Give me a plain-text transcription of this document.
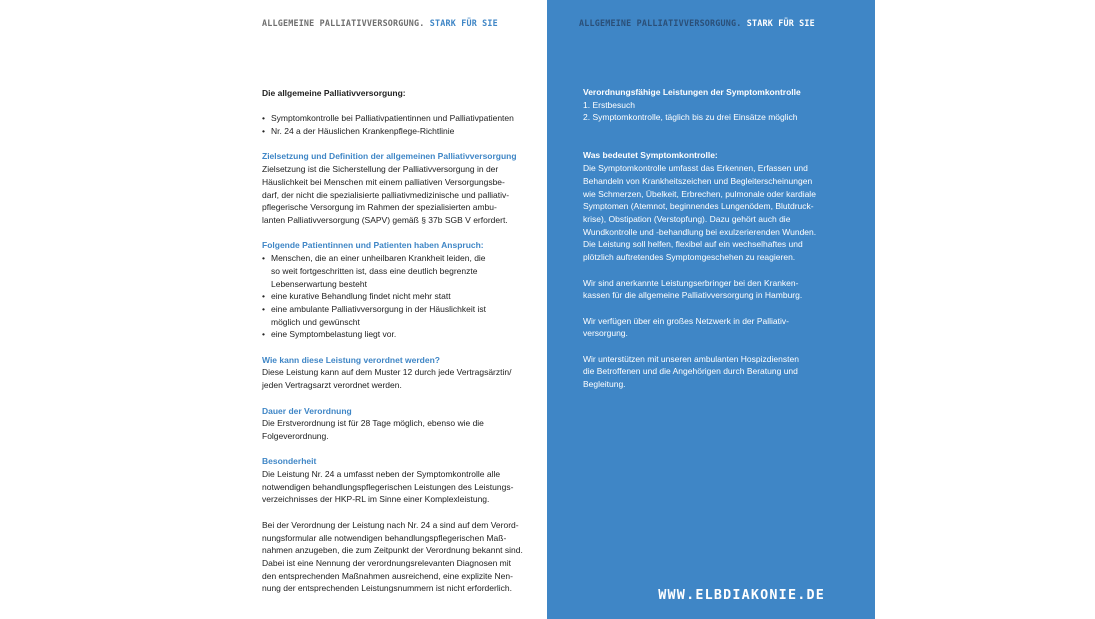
ALLGEMEINE PALLIATIVVERSORGUNG. STARK FÜR SIE
Die allgemeine Palliativversorgung:
• Symptomkontrolle bei Palliativpatientinnen und Palliativpatienten
• Nr. 24 a der Häuslichen Krankenpflege-Richtlinie
Zielsetzung und Definition der allgemeinen Palliativversorgung
Zielsetzung ist die Sicherstellung der Palliativversorgung in der
Häuslichkeit bei Menschen mit einem palliativen Versorgungsbe-
darf, der nicht die spezialisierte palliativmedizinische und palliativ-
pflegerische Versorgung im Rahmen der spezialisierten ambu-
lanten Palliativversorgung (SAPV) gemäß § 37b SGB V erfordert.
Folgende Patientinnen und Patienten haben Anspruch:
• Menschen, die an einer unheilbaren Krankheit leiden, die
so weit fortgeschritten ist, dass eine deutlich begrenzte
Lebenserwartung besteht
• eine kurative Behandlung findet nicht mehr statt
• eine ambulante Palliativversorgung in der Häuslichkeit ist
möglich und gewünscht
• eine Symptombelastung liegt vor.
Wie kann diese Leistung verordnet werden?
Diese Leistung kann auf dem Muster 12 durch jede Vertragsärztin/
jeden Vertragsarzt verordnet werden.
Dauer der Verordnung
Die Erstverordnung ist für 28 Tage möglich, ebenso wie die
Folgeverordnung.
Besonderheit
Die Leistung Nr. 24 a umfasst neben der Symptomkontrolle alle
notwendigen behandlungspflegerischen Leistungen des Leistungs-
verzeichnisses der HKP-RL im Sinne einer Komplexleistung.
Bei der Verordnung der Leistung nach Nr. 24 a sind auf dem Verord-
nungsformular alle notwendigen behandlungspflegerischen Maß-
nahmen anzugeben, die zum Zeitpunkt der Verordnung bekannt sind.
Dabei ist eine Nennung der verordnungsrelevanten Diagnosen mit
den entsprechenden Maßnahmen ausreichend, eine explizite Nen-
nung der entsprechenden Leistungsnummern ist nicht erforderlich.
ALLGEMEINE PALLIATIVVERSORGUNG. STARK FÜR SIE
Verordnungsfähige Leistungen der Symptomkontrolle
1. Erstbesuch
2. Symptomkontrolle, täglich bis zu drei Einsätze möglich
Was bedeutet Symptomkontrolle:
Die Symptomkontrolle umfasst das Erkennen, Erfassen und
Behandeln von Krankheitszeichen und Begleiterscheinungen
wie Schmerzen, Übelkeit, Erbrechen, pulmonale oder kardiale
Symptomen (Atemnot, beginnendes Lungenödem, Blutdruck-
krise), Obstipation (Verstopfung). Dazu gehört auch die
Wundkontrolle und -behandlung bei exulzerierenden Wunden.
Die Leistung soll helfen, flexibel auf ein wechselhaftes und
plötzlich auftretendes Symptomgeschehen zu reagieren.
Wir sind anerkannte Leistungserbringer bei den Kranken-
kassen für die allgemeine Palliativversorgung in Hamburg.
Wir verfügen über ein großes Netzwerk in der Palliativ-
versorgung.
Wir unterstützen mit unseren ambulanten Hospizdiensten
die Betroffenen und die Angehörigen durch Beratung und
Begleitung.
WWW.ELBDIAKONIE.DE
